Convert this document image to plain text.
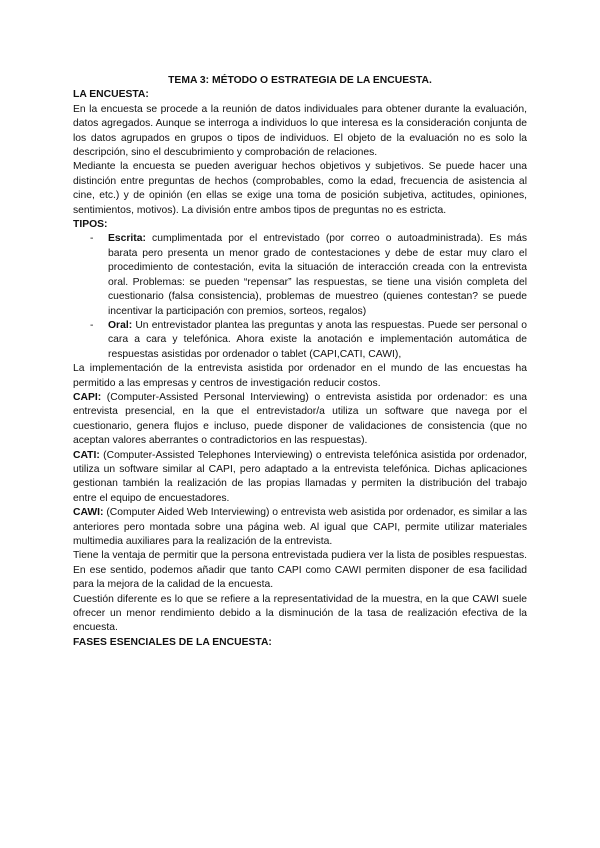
TEMA 3: MÉTODO O ESTRATEGIA DE LA ENCUESTA.

LA ENCUESTA:

En la encuesta se procede a la reunión de datos individuales para obtener durante la evaluación, datos agregados. Aunque se interroga a individuos lo que interesa es la consideración conjunta de los datos agrupados en grupos o tipos de individuos. El objeto de la evaluación no es solo la descripción, sino el descubrimiento y comprobación de relaciones.

Mediante la encuesta se pueden averiguar hechos objetivos y subjetivos. Se puede hacer una distinción entre preguntas de hechos (comprobables, como la edad, frecuencia de asistencia al cine, etc.) y de opinión (en ellas se exige una toma de posición subjetiva, actitudes, opiniones, sentimientos, motivos). La división entre ambos tipos de preguntas no es estricta.

TIPOS:

- Escrita: cumplimentada por el entrevistado (por correo o autoadministrada). Es más barata pero presenta un menor grado de contestaciones y debe de estar muy claro el procedimiento de contestación, evita la situación de interacción creada con la entrevista oral. Problemas: se pueden “repensar” las respuestas, se tiene una visión completa del cuestionario (falsa consistencia), problemas de muestreo (quienes contestan? se puede incentivar la participación con premios, sorteos, regalos)
- Oral: Un entrevistador plantea las preguntas y anota las respuestas. Puede ser personal o cara a cara y telefónica. Ahora existe la anotación e implementación automática de respuestas asistidas por ordenador o tablet (CAPI,CATI, CAWI),

La implementación de la entrevista asistida por ordenador en el mundo de las encuestas ha permitido a las empresas y centros de investigación reducir costos.

CAPI: (Computer-Assisted Personal Interviewing) o entrevista asistida por ordenador: es una entrevista presencial, en la que el entrevistador/a utiliza un software que navega por el cuestionario, genera flujos e incluso, puede disponer de validaciones de consistencia (que no aceptan valores aberrantes o contradictorios en las respuestas).

CATI: (Computer-Assisted Telephones Interviewing) o entrevista telefónica asistida por ordenador, utiliza un software similar al CAPI, pero adaptado a la entrevista telefónica. Dichas aplicaciones gestionan también la realización de las propias llamadas y permiten la distribución del trabajo entre el equipo de encuestadores.

CAWI: (Computer Aided Web Interviewing) o entrevista web asistida por ordenador, es similar a las anteriores pero montada sobre una página web. Al igual que CAPI, permite utilizar materiales multimedia auxiliares para la realización de la entrevista.

Tiene la ventaja de permitir que la persona entrevistada pudiera ver la lista de posibles respuestas. En ese sentido, podemos añadir que tanto CAPI como CAWI permiten disponer de esa facilidad para la mejora de la calidad de la encuesta.

Cuestión diferente es lo que se refiere a la representatividad de la muestra, en la que CAWI suele ofrecer un menor rendimiento debido a la disminución de la tasa de realización efectiva de la encuesta.

FASES ESENCIALES DE LA ENCUESTA:
